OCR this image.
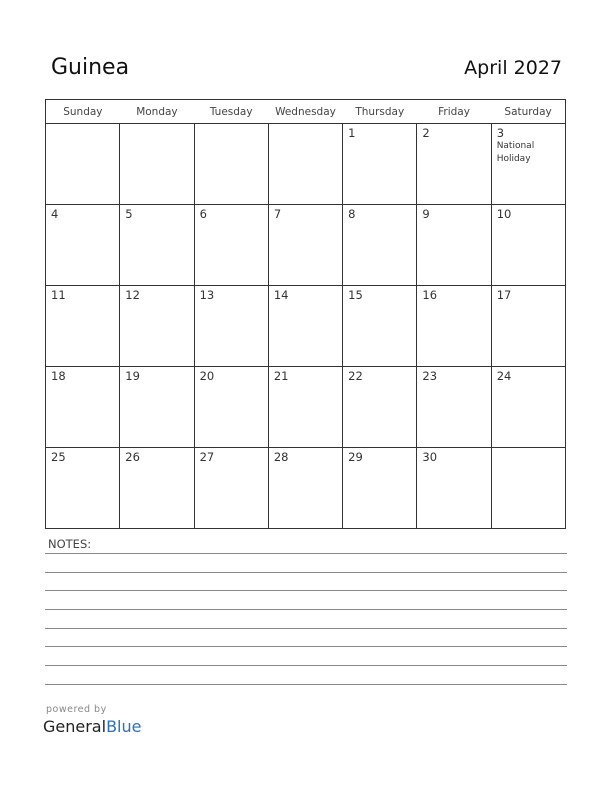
Guinea	April 2027
Sunday	Monday	Tuesday	Wednesday	Thursday	Friday	Saturday

				1	2	3
National Holiday

4	5	6	7	8	9	10

11	12	13	14	15	16	17

18	19	20	21	22	23	24

25	26	27	28	29	30	

NOTES:
powered by
GeneralBlue
